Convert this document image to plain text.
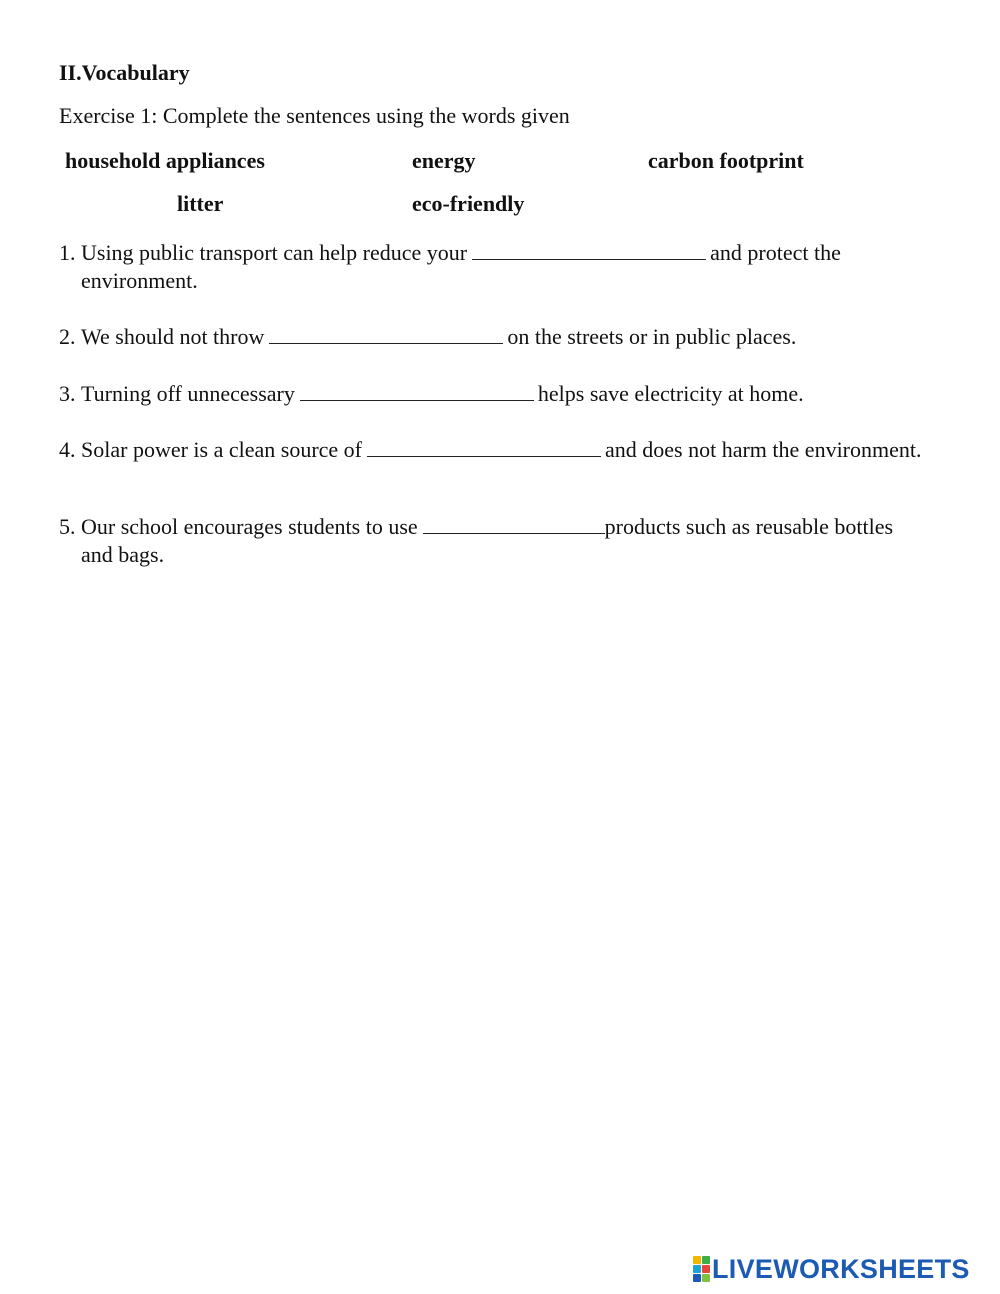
II.Vocabulary

Exercise 1: Complete the sentences using the words given

household appliances	energy	carbon footprint
litter	eco-friendly
1. Using public transport can help reduce your	and protect the environment.
2. We should not throw	on the streets or in public places.
3. Turning off unnecessary	helps save electricity at home.
4. Solar power is a clean source of	and does not harm the environment.
5. Our school encourages students to use	products such as reusable bottles and bags.
LIVEWORKSHEETS
